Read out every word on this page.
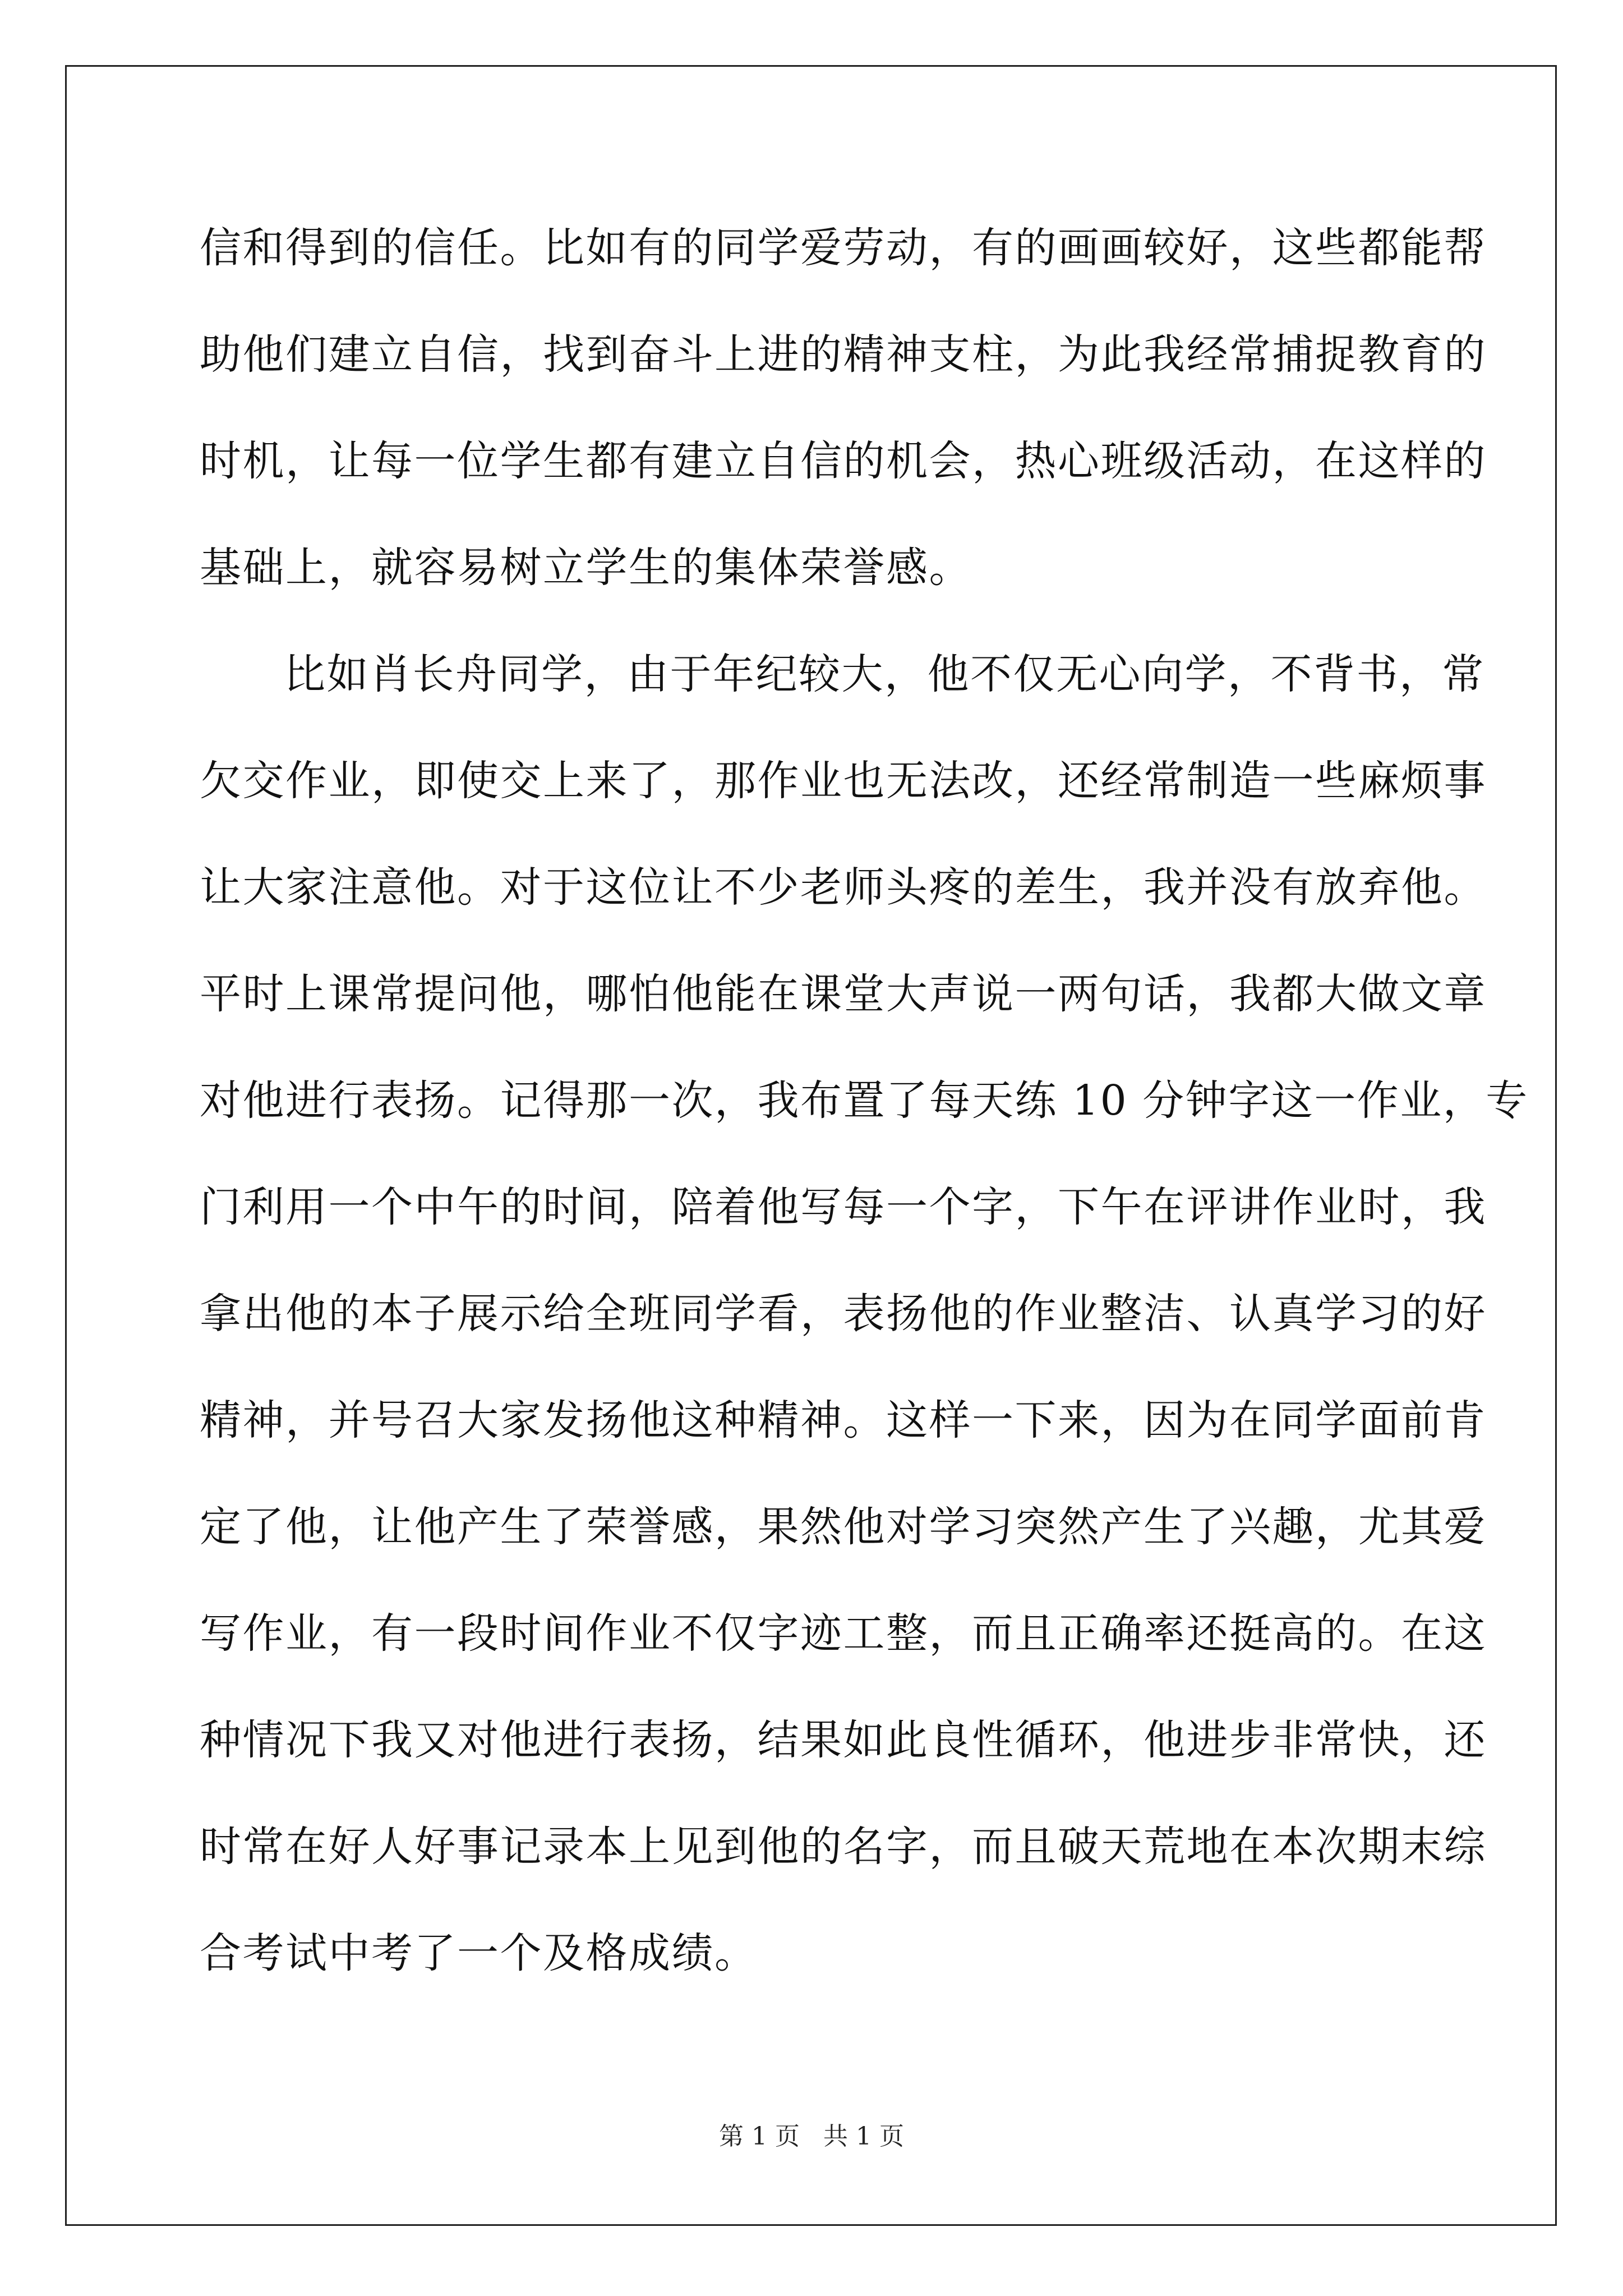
信和得到的信任。比如有的同学爱劳动，有的画画较好，这些都能帮
助他们建立自信，找到奋斗上进的精神支柱，为此我经常捕捉教育的
时机，让每一位学生都有建立自信的机会，热心班级活动，在这样的
基础上，就容易树立学生的集体荣誉感。
比如肖长舟同学，由于年纪较大，他不仅无心向学，不背书，常
欠交作业，即使交上来了，那作业也无法改，还经常制造一些麻烦事
让大家注意他。对于这位让不少老师头疼的差生，我并没有放弃他。
平时上课常提问他，哪怕他能在课堂大声说一两句话，我都大做文章
对他进行表扬。记得那一次，我布置了每天练 10 分钟字这一作业，专
门利用一个中午的时间，陪着他写每一个字，下午在评讲作业时，我
拿出他的本子展示给全班同学看，表扬他的作业整洁、认真学习的好
精神，并号召大家发扬他这种精神。这样一下来，因为在同学面前肯
定了他，让他产生了荣誉感，果然他对学习突然产生了兴趣，尤其爱
写作业，有一段时间作业不仅字迹工整，而且正确率还挺高的。在这
种情况下我又对他进行表扬，结果如此良性循环，他进步非常快，还
时常在好人好事记录本上见到他的名字，而且破天荒地在本次期末综
合考试中考了一个及格成绩。
第 1 页   共 1 页
